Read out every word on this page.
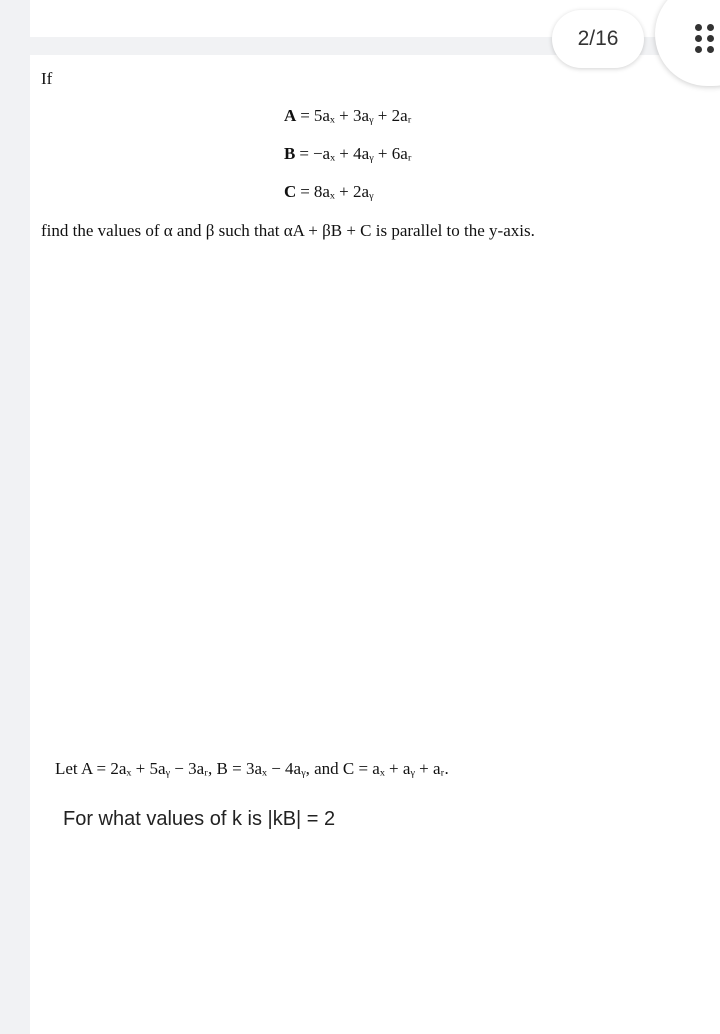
2/16
If
A = 5aₓ + 3aᵧ + 2aᵣ
B = −aₓ + 4aᵧ + 6aᵣ
C = 8aₓ + 2aᵧ
find the values of α and β such that αA + βB + C is parallel to the y-axis.
Let A = 2aₓ + 5aᵧ − 3aᵣ, B = 3aₓ − 4aᵧ, and C = aₓ + aᵧ + aᵣ.
For what values of k is |kB| = 2
